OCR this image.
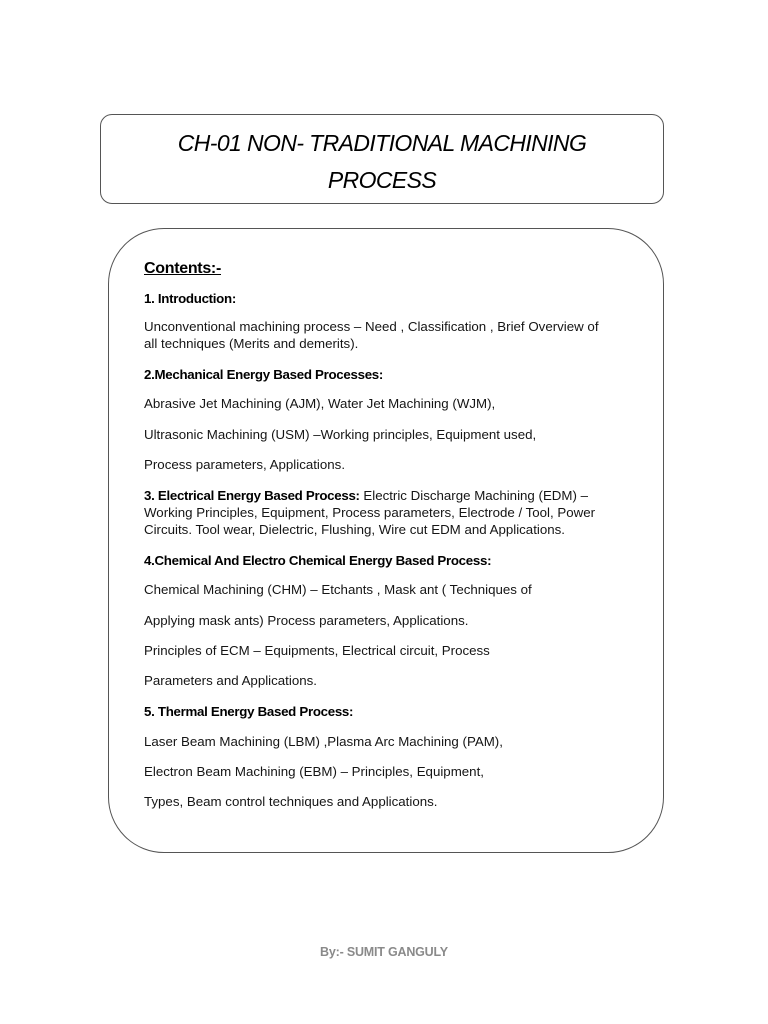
CH-01 NON- TRADITIONAL MACHINING
PROCESS
Contents:-

1. Introduction:

Unconventional machining process – Need , Classification , Brief Overview of

all techniques (Merits and demerits).

2.Mechanical Energy Based Processes:

Abrasive Jet Machining (AJM), Water Jet Machining (WJM),

Ultrasonic Machining (USM) –Working principles, Equipment used,

Process parameters, Applications.

3. Electrical Energy Based Process: Electric Discharge Machining (EDM) –

Working Principles, Equipment, Process parameters, Electrode / Tool, Power

Circuits. Tool wear, Dielectric, Flushing, Wire cut EDM and Applications.

4.Chemical And Electro Chemical Energy Based Process:

Chemical Machining (CHM) – Etchants , Mask ant ( Techniques of

Applying mask ants) Process parameters, Applications.

Principles of ECM – Equipments, Electrical circuit, Process

Parameters and Applications.

5. Thermal Energy Based Process:

Laser Beam Machining (LBM) ,Plasma Arc Machining (PAM),

Electron Beam Machining (EBM) – Principles, Equipment,

Types, Beam control techniques and Applications.

By:- SUMIT GANGULY
